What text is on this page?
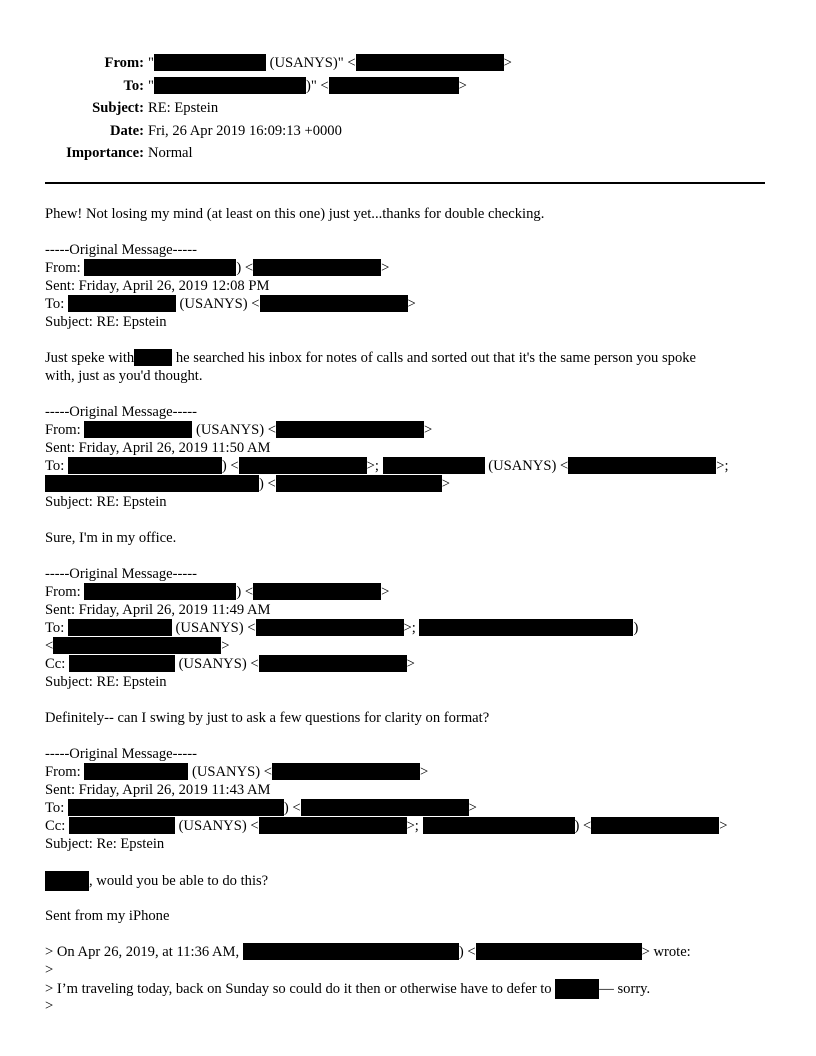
From: "	(USANYS)" <	>
To: "	)" <	>
Subject: RE: Epstein
Date: Fri, 26 Apr 2019 16:09:13 +0000
Importance: Normal
Phew! Not losing my mind (at least on this one) just yet...thanks for double checking.
-----Original Message-----
From:	) <	>
Sent: Friday, April 26, 2019 12:08 PM
To:	(USANYS) <	>
Subject: RE: Epstein
Just speke with	he searched his inbox for notes of calls and sorted out that it's the same person you spoke
with, just as you'd thought.
-----Original Message-----
From:	(USANYS) <	>
Sent: Friday, April 26, 2019 11:50 AM
To:	) <	>;	(USANYS) <	>;
) <	>
Subject: RE: Epstein
Sure, I'm in my office.
-----Original Message-----
From:	) <	>
Sent: Friday, April 26, 2019 11:49 AM
To:	(USANYS) <	>;	)
<	>
Cc:	(USANYS) <	>
Subject: RE: Epstein
Definitely-- can I swing by just to ask a few questions for clarity on format?
-----Original Message-----
From:	(USANYS) <	>
Sent: Friday, April 26, 2019 11:43 AM
To:	) <	>
Cc:	(USANYS) <	>;	) <	>
Subject: Re: Epstein
, would you be able to do this?
Sent from my iPhone
> On Apr 26, 2019, at 11:36 AM,	) <	> wrote:
>
> I’m traveling today, back on Sunday so could do it then or otherwise have to defer to	— sorry.
>
